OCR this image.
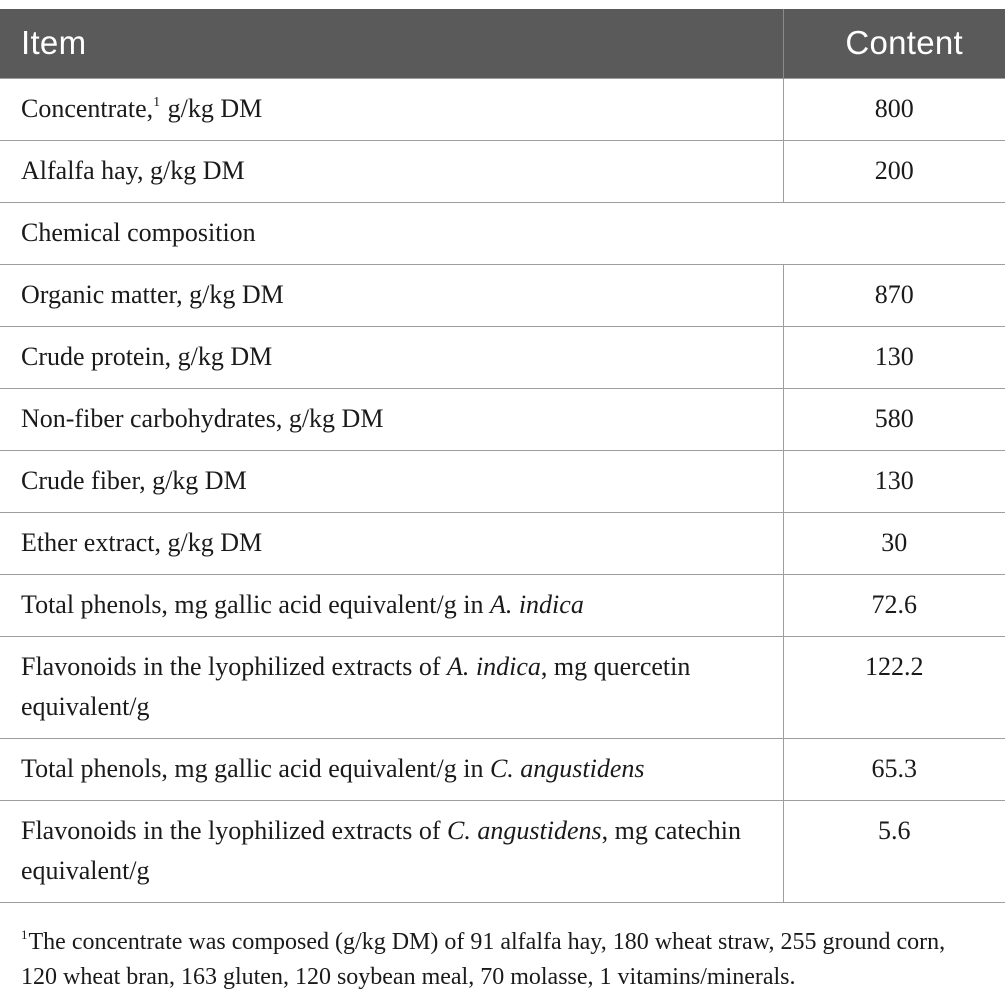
Item	Content
Concentrate,$^1$ g/kg DM	800
Alfalfa hay, g/kg DM	200
Chemical composition	
Organic matter, g/kg DM	870
Crude protein, g/kg DM	130
Non-fiber carbohydrates, g/kg DM	580
Crude fiber, g/kg DM	130
Ether extract, g/kg DM	30
Total phenols, mg gallic acid equivalent/g in A. indica	72.6
Flavonoids in the lyophilized extracts of A. indica, mg quercetin equivalent/g	122.2
Total phenols, mg gallic acid equivalent/g in C. angustidens	65.3
Flavonoids in the lyophilized extracts of C. angustidens, mg catechin equivalent/g	5.6
$^1$The concentrate was composed (g/kg DM) of 91 alfalfa hay, 180 wheat straw, 255 ground corn, 120 wheat bran, 163 gluten, 120 soybean meal, 70 molasse, 1 vitamins/minerals.
